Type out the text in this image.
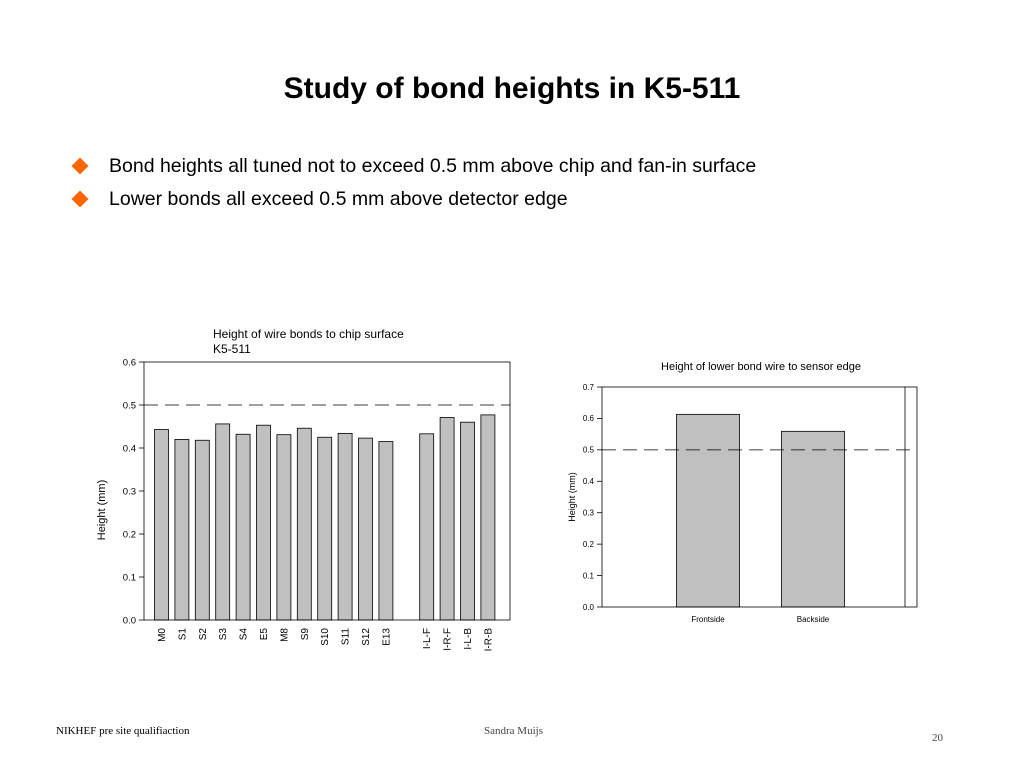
Study of bond heights in K5-511
Bond heights all tuned not to exceed 0.5 mm above chip and fan-in surface
Lower bonds all exceed 0.5 mm above detector edge
Height of wire bonds to chip surface
K5-511
Height (mm)
0.0
0.1
0.2
0.3
0.4
0.5
0.6
M0 S1 S2 S3 S4 E5 M8 S9 S10 S11 S12 E13	I-L-F I-R-F I-L-B I-R-B
Height of lower bond wire to sensor edge
Height (mm)
0.0
0.1
0.2
0.3
0.4
0.5
0.6
0.7
Frontside	Backside
NIKHEF pre site qualifiaction	Sandra Muijs
20
